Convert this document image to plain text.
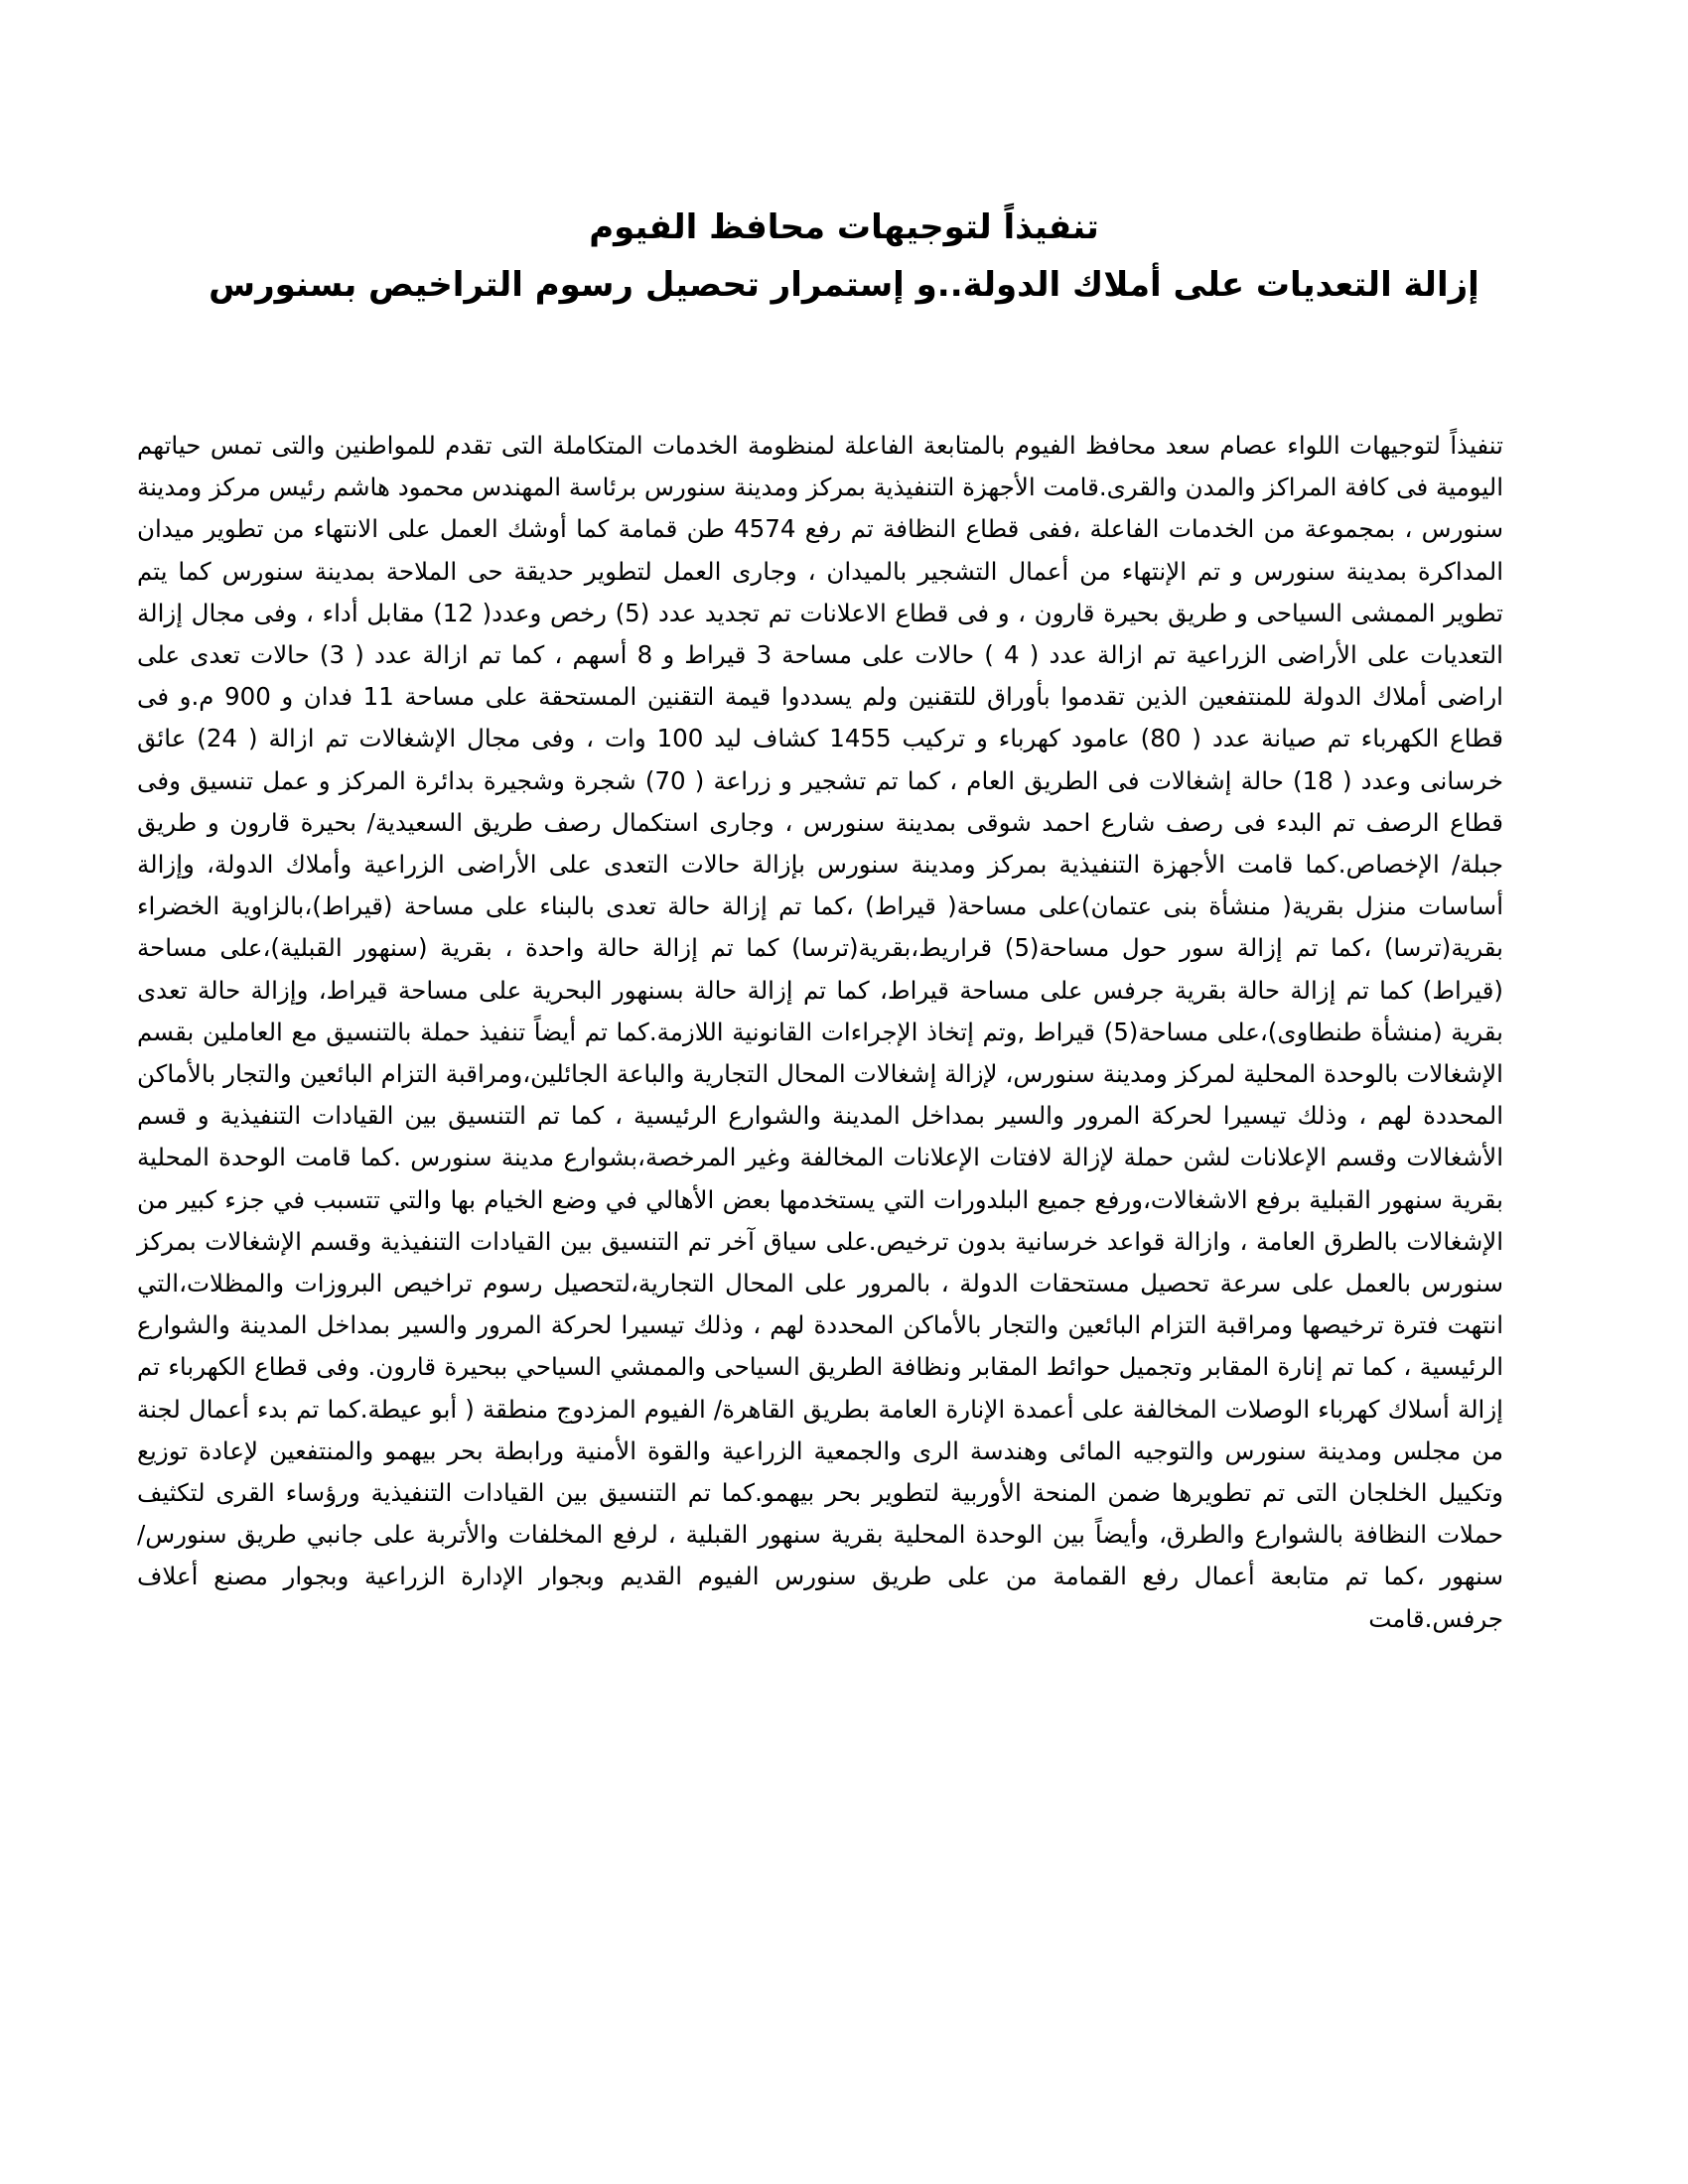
تنفيذاً لتوجيهات محافظ الفيوم

إزالة التعديات على أملاك الدولة..و إستمرار تحصيل رسوم التراخيص بسنورس

تنفيذاً لتوجيهات اللواء عصام سعد محافظ الفيوم بالمتابعة الفاعلة لمنظومة الخدمات المتكاملة التى تقدم للمواطنين والتى تمس حياتهم اليومية فى كافة المراكز والمدن والقرى.قامت الأجهزة التنفيذية بمركز ومدينة سنورس برئاسة المهندس محمود هاشم رئيس مركز ومدينة سنورس ، بمجموعة من الخدمات الفاعلة ،ففى قطاع النظافة تم رفع 4574 طن قمامة كما أوشك العمل على الانتهاء من تطوير ميدان المداكرة بمدينة سنورس و تم الإنتهاء من أعمال التشجير بالميدان ، وجارى العمل لتطوير حديقة حى الملاحة بمدينة سنورس كما يتم تطوير الممشى السياحى و طريق بحيرة قارون ، و فى قطاع الاعلانات تم تجديد عدد (5) رخص وعدد( 12) مقابل أداء ، وفى مجال إزالة التعديات على الأراضى الزراعية تم ازالة عدد ( 4 ) حالات على مساحة 3 قيراط و 8 أسهم ، كما تم ازالة عدد ( 3) حالات تعدى على اراضى أملاك الدولة للمنتفعين الذين تقدموا بأوراق للتقنين ولم يسددوا قيمة التقنين المستحقة على مساحة 11 فدان و 900 م.و فى قطاع الكهرباء تم صيانة عدد ( 80) عامود كهرباء و تركيب 1455 كشاف ليد 100 وات ، وفى مجال الإشغالات تم ازالة ( 24) عائق خرسانى وعدد ( 18) حالة إشغالات فى الطريق العام ، كما تم تشجير و زراعة ( 70) شجرة وشجيرة بدائرة المركز و عمل تنسيق وفى قطاع الرصف تم البدء فى رصف شارع احمد شوقى بمدينة سنورس ، وجارى استكمال رصف طريق السعيدية/ بحيرة قارون و طريق جبلة/ الإخصاص.كما قامت الأجهزة التنفيذية بمركز ومدينة سنورس بإزالة حالات التعدى على الأراضى الزراعية وأملاك الدولة، وإزالة أساسات منزل بقرية( منشأة بنى عتمان)على مساحة( قيراط) ،كما تم إزالة حالة تعدى بالبناء على مساحة (قيراط)،بالزاوية الخضراء بقرية(ترسا) ،كما تم إزالة سور حول مساحة(5) قراريط،بقرية(ترسا) كما تم إزالة حالة واحدة ، بقرية (سنهور القبلية)،على مساحة (قيراط) كما تم إزالة حالة بقرية جرفس على مساحة قيراط، كما تم إزالة حالة بسنهور البحرية على مساحة قيراط، وإزالة حالة تعدى بقرية (منشأة طنطاوى)،على مساحة(5) قيراط ,وتم إتخاذ الإجراءات القانونية اللازمة.كما تم أيضاً تنفيذ حملة بالتنسيق مع العاملين بقسم الإشغالات بالوحدة المحلية لمركز ومدينة سنورس، لإزالة إشغالات المحال التجارية والباعة الجائلين،ومراقبة التزام البائعين والتجار بالأماكن المحددة لهم ، وذلك تيسيرا لحركة المرور والسير بمداخل المدينة والشوارع الرئيسية ، كما تم التنسيق بين القيادات التنفيذية و قسم الأشغالات وقسم الإعلانات لشن حملة لإزالة لافتات الإعلانات المخالفة وغير المرخصة،بشوارع مدينة سنورس .كما قامت الوحدة المحلية بقرية سنهور القبلية برفع الاشغالات،ورفع جميع البلدورات التي يستخدمها بعض الأهالي في وضع الخيام بها والتي تتسبب في جزء كبير من الإشغالات بالطرق العامة ، وازالة قواعد خرسانية بدون ترخيص.على سياق آخر تم التنسيق بين القيادات التنفيذية وقسم الإشغالات بمركز سنورس بالعمل على سرعة تحصيل مستحقات الدولة ، بالمرور على المحال التجارية،لتحصيل رسوم تراخيص البروزات والمظلات،التي انتهت فترة ترخيصها ومراقبة التزام البائعين والتجار بالأماكن المحددة لهم ، وذلك تيسيرا لحركة المرور والسير بمداخل المدينة والشوارع الرئيسية ، كما تم إنارة المقابر وتجميل حوائط المقابر ونظافة الطريق السياحى والممشي السياحي ببحيرة قارون. وفى قطاع الكهرباء تم إزالة أسلاك كهرباء الوصلات المخالفة على أعمدة الإنارة العامة بطريق القاهرة/ الفيوم المزدوج منطقة ( أبو عيطة.كما تم بدء أعمال لجنة من مجلس ومدينة سنورس والتوجيه المائى وهندسة الرى والجمعية الزراعية والقوة الأمنية ورابطة بحر بيهمو والمنتفعين لإعادة توزيع وتكييل الخلجان التى تم تطويرها ضمن المنحة الأوربية لتطوير بحر بيهمو.كما تم التنسيق بين القيادات التنفيذية ورؤساء القرى لتكثيف حملات النظافة بالشوارع والطرق، وأيضاً بين الوحدة المحلية بقرية سنهور القبلية ، لرفع المخلفات والأتربة على جانبي طريق سنورس/سنهور ،كما تم متابعة أعمال رفع القمامة من على طريق سنورس الفيوم القديم وبجوار الإدارة الزراعية وبجوار مصنع أعلاف جرفس.قامت
